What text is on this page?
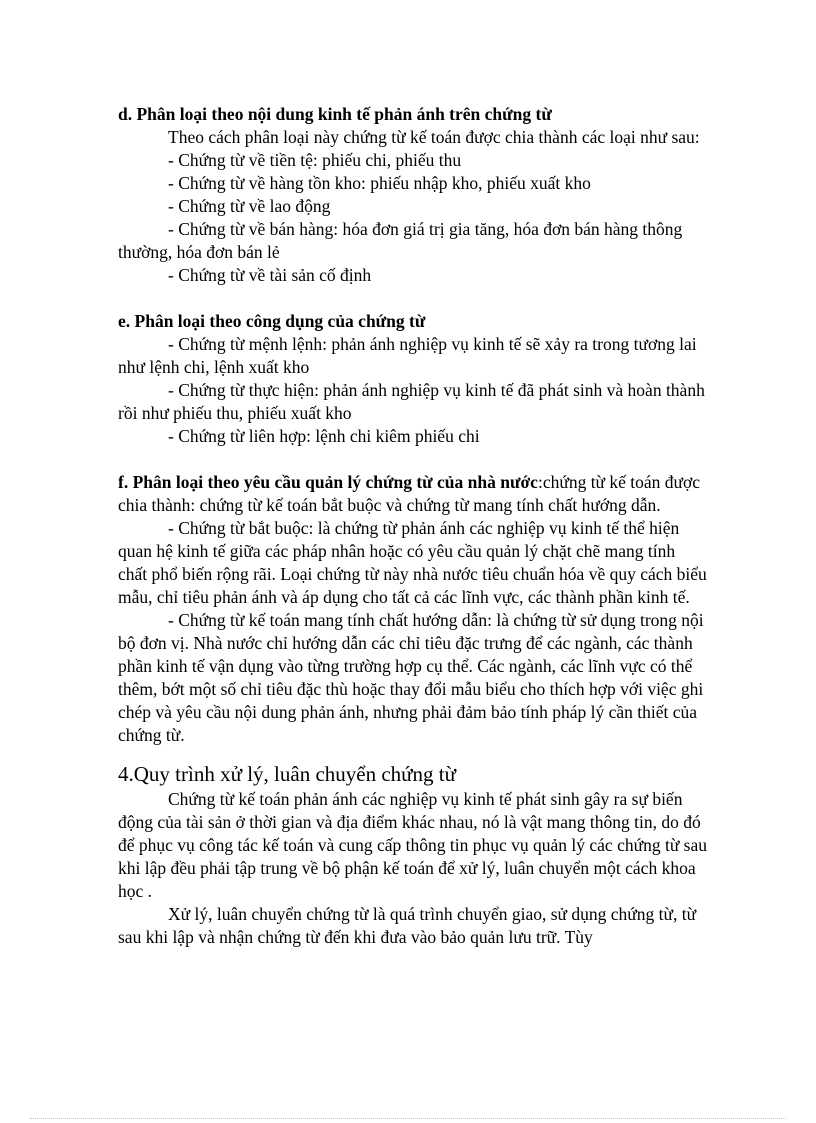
d. Phân loại theo nội dung kinh tế phản ánh trên chứng từ

Theo cách phân loại này chứng từ kế toán được chia thành các loại như sau:

- Chứng từ về tiền tệ: phiếu chi, phiếu thu

- Chứng từ về hàng tồn kho: phiếu nhập kho, phiếu xuất kho

- Chứng từ về lao động

- Chứng từ về bán hàng: hóa đơn giá trị gia tăng, hóa đơn bán hàng thông thường, hóa đơn bán lẻ

- Chứng từ về tài sản cố định

e. Phân loại theo công dụng của chứng từ

- Chứng từ mệnh lệnh: phản ánh nghiệp vụ kinh tế sẽ xảy ra trong tương lai như lệnh chi, lệnh xuất kho

- Chứng từ thực hiện: phản ánh nghiệp vụ kinh tế đã phát sinh và hoàn thành rồi như phiếu thu, phiếu xuất kho

- Chứng từ liên hợp: lệnh chi kiêm phiếu chi

f. Phân loại theo yêu cầu quản lý chứng từ của nhà nước:chứng từ kế toán được chia thành: chứng từ kế toán bắt buộc và chứng từ mang tính chất hướng dẫn.

- Chứng từ bắt buộc: là chứng từ phản ánh các nghiệp vụ kinh tế thể hiện quan hệ kinh tế giữa các pháp nhân hoặc có yêu cầu quản lý chặt chẽ mang tính chất phổ biến rộng rãi. Loại chứng từ này nhà nước tiêu chuẩn hóa về quy cách biểu mẫu, chỉ tiêu phản ánh và áp dụng cho tất cả các lĩnh vực, các thành phần kinh tế.

- Chứng từ kế toán mang tính chất hướng dẫn: là chứng từ sử dụng trong nội bộ đơn vị. Nhà nước chỉ hướng dẫn các chỉ tiêu đặc trưng để các ngành, các thành phần kinh tế vận dụng vào từng trường hợp cụ thể. Các ngành, các lĩnh vực có thể thêm, bớt một số chỉ tiêu đặc thù hoặc thay đổi mẫu biểu cho thích hợp với việc ghi chép và yêu cầu nội dung phản ánh, nhưng phải đảm bảo tính pháp lý cần thiết của chứng từ.

4.Quy trình xử lý, luân chuyển chứng từ

Chứng từ kế toán phản ánh các nghiệp vụ kinh tế phát sinh gây ra sự biến động của tài sản ở thời gian và địa điểm khác nhau, nó là vật mang thông tin, do đó để phục vụ công tác kế toán và cung cấp thông tin phục vụ quản lý các chứng từ sau khi lập đều phải tập trung về bộ phận kế toán để xử lý, luân chuyển một cách khoa học .

Xử lý, luân chuyển chứng từ là quá trình chuyển giao, sử dụng chứng từ, từ sau khi lập và nhận chứng từ đến khi đưa vào bảo quản lưu trữ. Tùy
